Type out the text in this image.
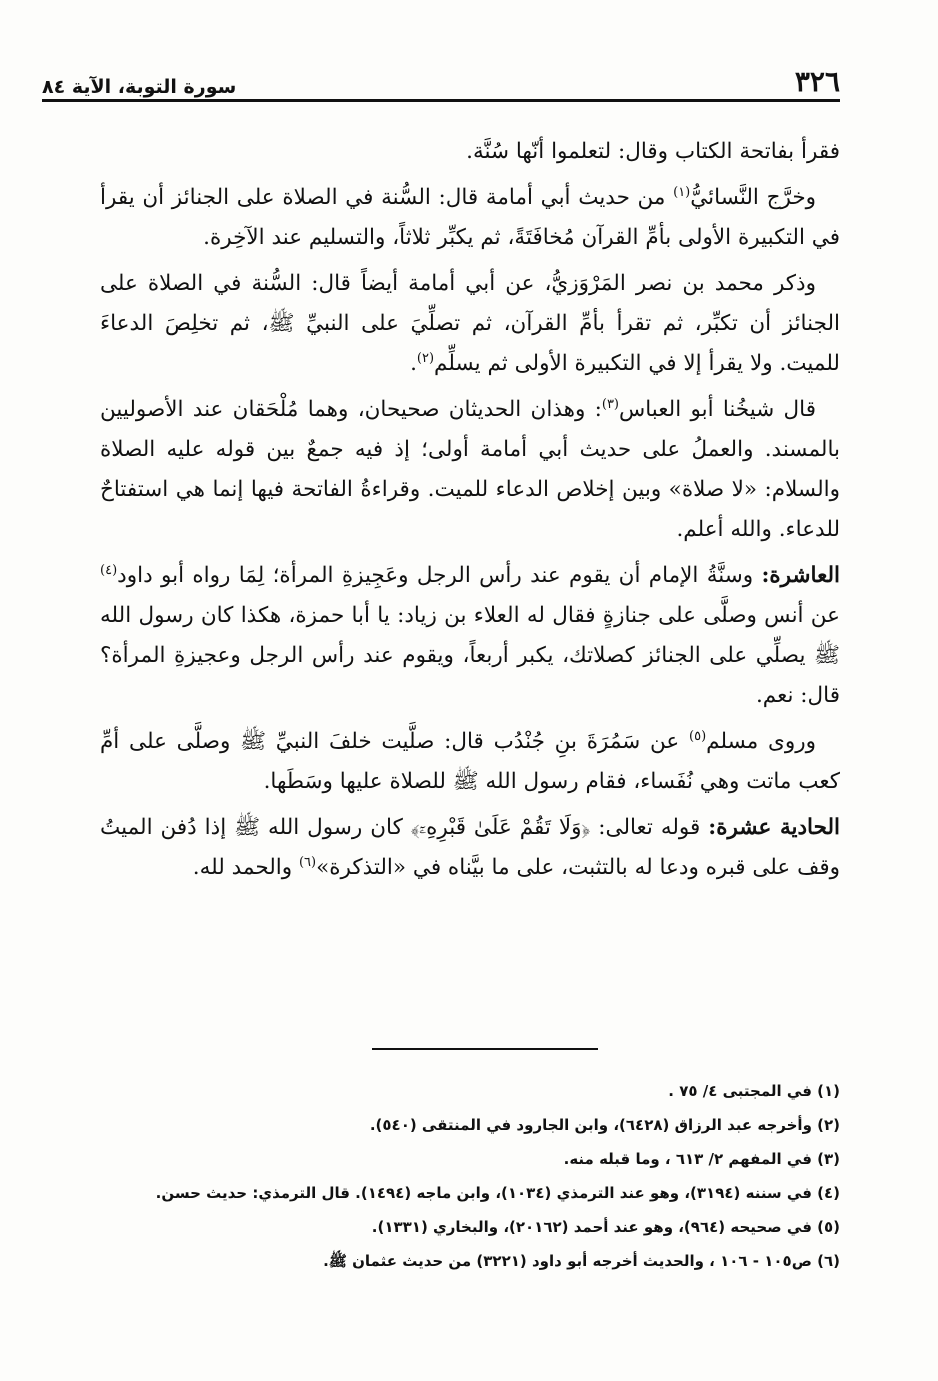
٣٢٦
سورة التوبة، الآية ٨٤

فقرأ بفاتحة الكتاب وقال: لتعلموا أنّها سُنَّة.

وخرَّج النَّسائيُّ$^{(١)}$ من حديث أبي أمامة قال: السُّنة في الصلاة على الجنائز أن يقرأ في التكبيرة الأولى بأمِّ القرآن مُخافَتَةً، ثم يكبِّر ثلاثاً، والتسليم عند الآخِرة.

وذكر محمد بن نصر المَرْوَزيُّ، عن أبي أمامة أيضاً قال: السُّنة في الصلاة على الجنائز أن تكبِّر، ثم تقرأ بأمِّ القرآن، ثم تصلِّيَ على النبيِّ ﷺ، ثم تخلِصَ الدعاءَ للميت. ولا يقرأ إلا في التكبيرة الأولى ثم يسلِّم$^{(٢)}$.

قال شيخُنا أبو العباس$^{(٣)}$: وهذان الحديثان صحيحان، وهما مُلْحَقان عند الأصوليين بالمسند. والعملُ على حديث أبي أمامة أولى؛ إذ فيه جمعٌ بين قوله عليه الصلاة والسلام: «لا صلاة» وبين إخلاص الدعاء للميت. وقراءةُ الفاتحة فيها إنما هي استفتاحٌ للدعاء. والله أعلم.

العاشرة: وسنَّةُ الإمام أن يقوم عند رأس الرجل وعَجِيزةِ المرأة؛ لِمَا رواه أبو داود$^{(٤)}$ عن أنس وصلَّى على جنازةٍ فقال له العلاء بن زياد: يا أبا حمزة، هكذا كان رسول الله ﷺ يصلِّي على الجنائز كصلاتك، يكبر أربعاً، ويقوم عند رأس الرجل وعجيزةِ المرأة؟ قال: نعم.

وروى مسلم$^{(٥)}$ عن سَمُرَةَ بنِ جُنْدُب قال: صلَّيت خلفَ النبيِّ ﷺ وصلَّى على أمِّ كعب ماتت وهي نُفَساء، فقام رسول الله ﷺ للصلاة عليها وسَطَها.

الحادية عشرة: قوله تعالى: ﴿وَلَا تَقُمْ عَلَىٰ قَبْرِهِۦٓ﴾ كان رسول الله ﷺ إذا دُفن الميتُ وقف على قبره ودعا له بالتثبت، على ما بيَّناه في «التذكرة»$^{(٦)}$ والحمد لله.

(١) في المجتبى ٤/ ٧٥ .
(٢) وأخرجه عبد الرزاق (٦٤٢٨)، وابن الجارود في المنتقى (٥٤٠).
(٣) في المفهم ٢/ ٦١٣ ، وما قبله منه.
(٤) في سننه (٣١٩٤)، وهو عند الترمذي (١٠٣٤)، وابن ماجه (١٤٩٤). قال الترمذي: حديث حسن.
(٥) في صحيحه (٩٦٤)، وهو عند أحمد (٢٠١٦٢)، والبخاري (١٣٣١).
(٦) ص١٠٥ - ١٠٦ ، والحديث أخرجه أبو داود (٣٢٢١) من حديث عثمان ﷺ.
